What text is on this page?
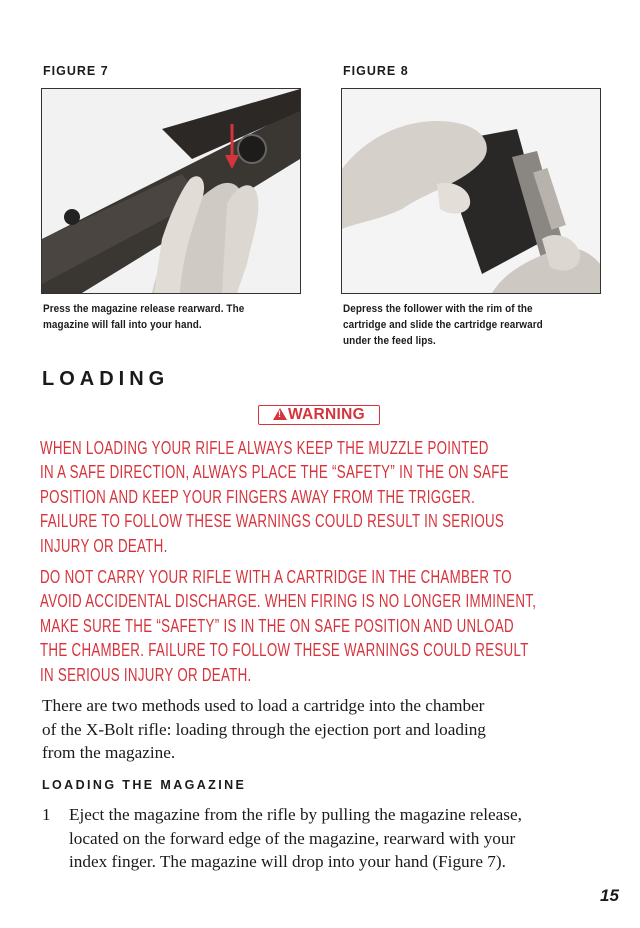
FIGURE 7	FIGURE 8
Press the magazine release rearward. The
magazine will fall into your hand.
Depress the follower with the rim of the
cartridge and slide the cartridge rearward
under the feed lips.
LOADING
!WARNING
WHEN LOADING YOUR RIFLE ALWAYS KEEP THE MUZZLE POINTED
IN A SAFE DIRECTION, ALWAYS PLACE THE “SAFETY” IN THE ON SAFE
POSITION AND KEEP YOUR FINGERS AWAY FROM THE TRIGGER.
FAILURE TO FOLLOW THESE WARNINGS COULD RESULT IN SERIOUS
INJURY OR DEATH.
DO NOT CARRY YOUR RIFLE WITH A CARTRIDGE IN THE CHAMBER TO
AVOID ACCIDENTAL DISCHARGE. WHEN FIRING IS NO LONGER IMMINENT,
MAKE SURE THE “SAFETY” IS IN THE ON SAFE POSITION AND UNLOAD
THE CHAMBER. FAILURE TO FOLLOW THESE WARNINGS COULD RESULT
IN SERIOUS INJURY OR DEATH.
There are two methods used to load a cartridge into the chamber
of the X-Bolt rifle: loading through the ejection port and loading
from the magazine.
LOADING THE MAGAZINE
1 Eject the magazine from the rifle by pulling the magazine release,
located on the forward edge of the magazine, rearward with your
index finger. The magazine will drop into your hand (Figure 7).
15
